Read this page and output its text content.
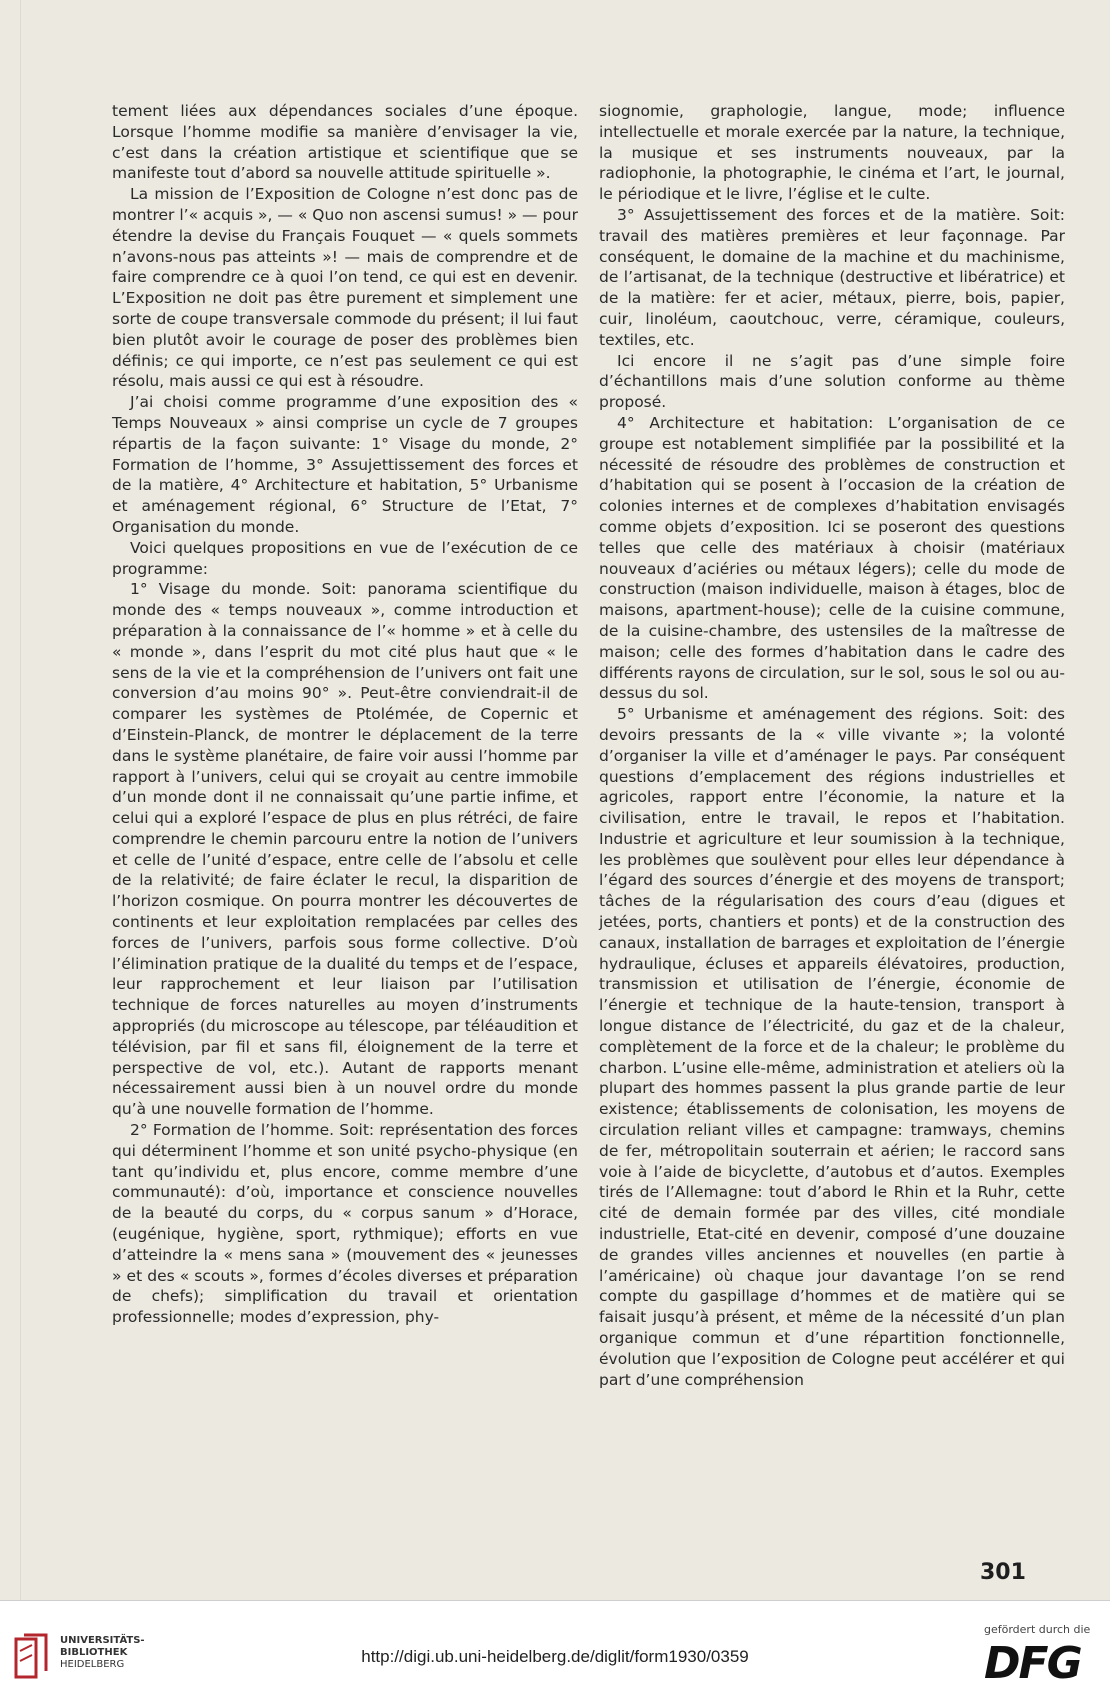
tement liées aux dépendances sociales d’une époque. Lorsque l’homme modifie sa manière d’envisager la vie, c’est dans la création artistique et scientifique que se manifeste tout d’abord sa nouvelle attitude spirituelle ».

La mission de l’Exposition de Cologne n’est donc pas de montrer l’« acquis », — « Quo non ascensi sumus! » — pour étendre la devise du Français Fouquet — « quels sommets n’avons-nous pas atteints »! — mais de comprendre et de faire comprendre ce à quoi l’on tend, ce qui est en devenir. L’Exposition ne doit pas être purement et simplement une sorte de coupe transversale commode du présent; il lui faut bien plutôt avoir le courage de poser des problèmes bien définis; ce qui importe, ce n’est pas seulement ce qui est résolu, mais aussi ce qui est à résoudre.

J’ai choisi comme programme d’une exposition des « Temps Nouveaux » ainsi comprise un cycle de 7 groupes répartis de la façon suivante: 1° Visage du monde, 2° Formation de l’homme, 3° Assujettissement des forces et de la matière, 4° Architecture et habitation, 5° Urbanisme et aménagement régional, 6° Structure de l’Etat, 7° Organisation du monde.

Voici quelques propositions en vue de l’exécution de ce programme:

1° Visage du monde. Soit: panorama scientifique du monde des « temps nouveaux », comme introduction et préparation à la connaissance de l’« homme » et à celle du « monde », dans l’esprit du mot cité plus haut que « le sens de la vie et la compréhension de l’univers ont fait une conversion d’au moins 90° ». Peut-être conviendrait-il de comparer les systèmes de Ptolémée, de Copernic et d’Einstein-Planck, de montrer le déplacement de la terre dans le système planétaire, de faire voir aussi l’homme par rapport à l’univers, celui qui se croyait au centre immobile d’un monde dont il ne connaissait qu’une partie infime, et celui qui a exploré l’espace de plus en plus rétréci, de faire comprendre le chemin parcouru entre la notion de l’univers et celle de l’unité d’espace, entre celle de l’absolu et celle de la relativité; de faire éclater le recul, la disparition de l’horizon cosmique. On pourra montrer les découvertes de continents et leur exploitation remplacées par celles des forces de l’univers, parfois sous forme collective. D’où l’élimination pratique de la dualité du temps et de l’espace, leur rapprochement et leur liaison par l’utilisation technique de forces naturelles au moyen d’instruments appropriés (du microscope au télescope, par téléaudition et télévision, par fil et sans fil, éloignement de la terre et perspective de vol, etc.). Autant de rapports menant nécessairement aussi bien à un nouvel ordre du monde qu’à une nouvelle formation de l’homme.

2° Formation de l’homme. Soit: représentation des forces qui déterminent l’homme et son unité psycho-physique (en tant qu’individu et, plus encore, comme membre d’une communauté): d’où, importance et conscience nouvelles de la beauté du corps, du « corpus sanum » d’Horace, (eugénique, hygiène, sport, rythmique); efforts en vue d’atteindre la « mens sana » (mouvement des « jeunesses » et des « scouts », formes d’écoles diverses et préparation de chefs); simplification du travail et orientation professionnelle; modes d’expression, phy-

siognomie, graphologie, langue, mode; influence intellectuelle et morale exercée par la nature, la technique, la musique et ses instruments nouveaux, par la radiophonie, la photographie, le cinéma et l’art, le journal, le périodique et le livre, l’église et le culte.

3° Assujettissement des forces et de la matière. Soit: travail des matières premières et leur façonnage. Par conséquent, le domaine de la machine et du machinisme, de l’artisanat, de la technique (destructive et libératrice) et de la matière: fer et acier, métaux, pierre, bois, papier, cuir, linoléum, caoutchouc, verre, céramique, couleurs, textiles, etc.

Ici encore il ne s’agit pas d’une simple foire d’échantillons mais d’une solution conforme au thème proposé.

4° Architecture et habitation: L’organisation de ce groupe est notablement simplifiée par la possibilité et la nécessité de résoudre des problèmes de construction et d’habitation qui se posent à l’occasion de la création de colonies internes et de complexes d’habitation envisagés comme objets d’exposition. Ici se poseront des questions telles que celle des matériaux à choisir (matériaux nouveaux d’aciéries ou métaux légers); celle du mode de construction (maison individuelle, maison à étages, bloc de maisons, apartment-house); celle de la cuisine commune, de la cuisine-chambre, des ustensiles de la maîtresse de maison; celle des formes d’habitation dans le cadre des différents rayons de circulation, sur le sol, sous le sol ou au-dessus du sol.

5° Urbanisme et aménagement des régions. Soit: des devoirs pressants de la « ville vivante »; la volonté d’organiser la ville et d’aménager le pays. Par conséquent questions d’emplacement des régions industrielles et agricoles, rapport entre l’économie, la nature et la civilisation, entre le travail, le repos et l’habitation. Industrie et agriculture et leur soumission à la technique, les problèmes que soulèvent pour elles leur dépendance à l’égard des sources d’énergie et des moyens de transport; tâches de la régularisation des cours d’eau (digues et jetées, ports, chantiers et ponts) et de la construction des canaux, installation de barrages et exploitation de l’énergie hydraulique, écluses et appareils élévatoires, production, transmission et utilisation de l’énergie, économie de l’énergie et technique de la haute-tension, transport à longue distance de l’électricité, du gaz et de la chaleur, complètement de la force et de la chaleur; le problème du charbon. L’usine elle-même, administration et ateliers où la plupart des hommes passent la plus grande partie de leur existence; établissements de colonisation, les moyens de circulation reliant villes et campagne: tramways, chemins de fer, métropolitain souterrain et aérien; le raccord sans voie à l’aide de bicyclette, d’autobus et d’autos. Exemples tirés de l’Allemagne: tout d’abord le Rhin et la Ruhr, cette cité de demain formée par des villes, cité mondiale industrielle, Etat-cité en devenir, composé d’une douzaine de grandes villes anciennes et nouvelles (en partie à l’américaine) où chaque jour davantage l’on se rend compte du gaspillage d’hommes et de matière qui se faisait jusqu’à présent, et même de la nécessité d’un plan organique commun et d’une répartition fonctionnelle, évolution que l’exposition de Cologne peut accélérer et qui part d’une compréhension

301
UNIVERSITÄTS-
BIBLIOTHEK
HEIDELBERG	http://digi.ub.uni-heidelberg.de/diglit/form1930/0359
gefördert durch die
DFG
